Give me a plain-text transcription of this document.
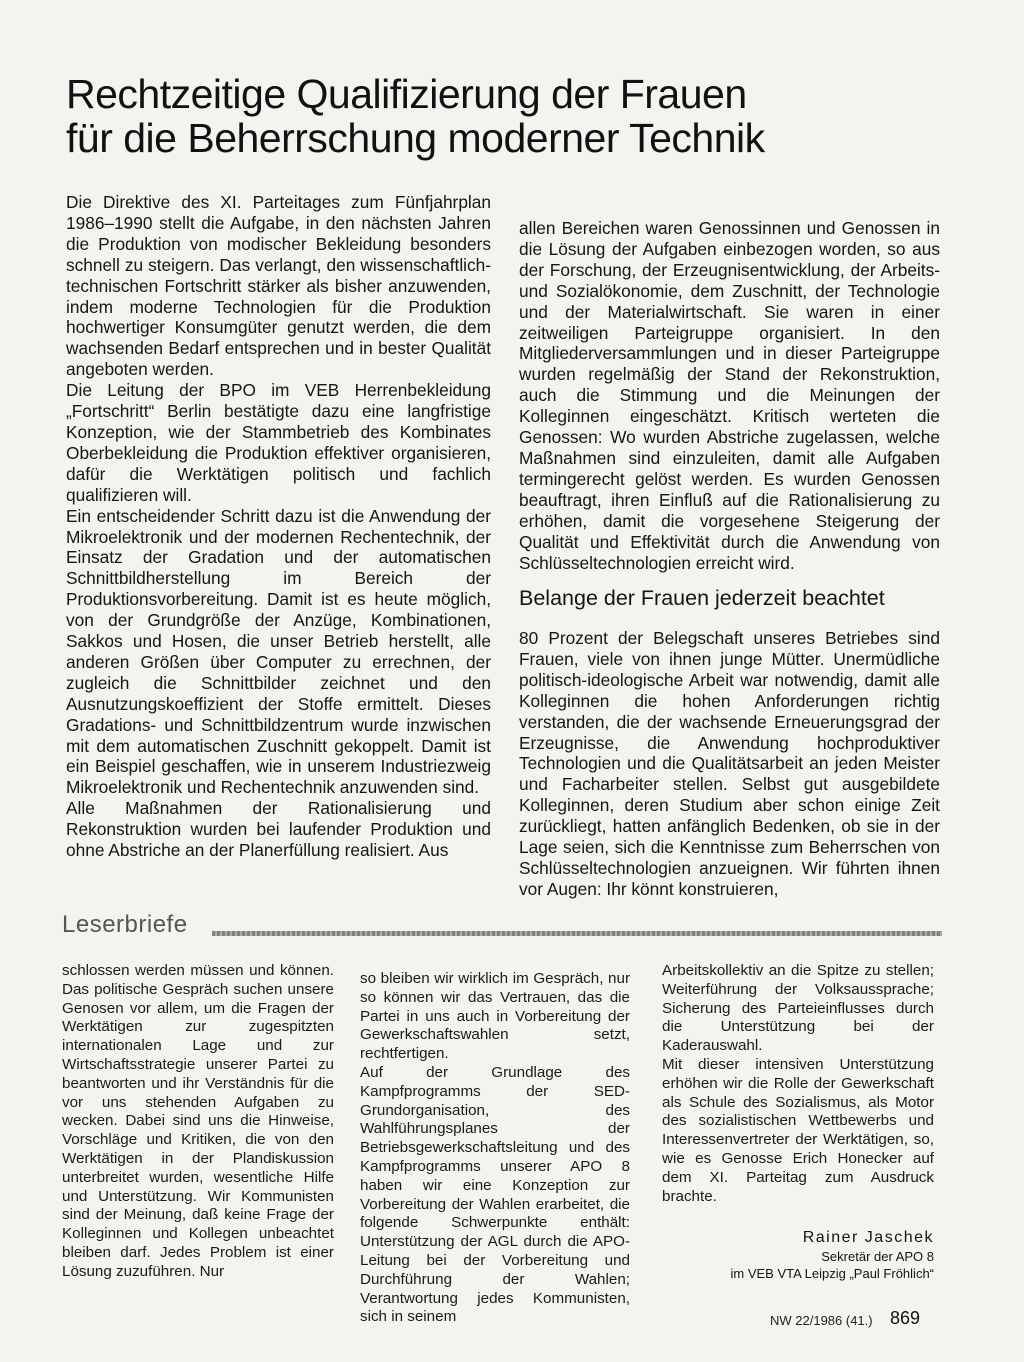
Rechtzeitige Qualifizierung der Frauen
für die Beherrschung moderner Technik

Die Direktive des XI. Parteitages zum Fünfjahrplan 1986–1990 stellt die Aufgabe, in den nächsten Jahren die Produktion von modischer Bekleidung besonders schnell zu steigern. Das verlangt, den wissenschaftlich-technischen Fortschritt stärker als bisher anzuwenden, indem moderne Technologien für die Produktion hochwertiger Konsumgüter genutzt werden, die dem wachsenden Bedarf entsprechen und in bester Qualität angeboten werden.

Die Leitung der BPO im VEB Herrenbekleidung „Fortschritt“ Berlin bestätigte dazu eine langfristige Konzeption, wie der Stammbetrieb des Kombinates Oberbekleidung die Produktion effektiver organisieren, dafür die Werktätigen politisch und fachlich qualifizieren will.

Ein entscheidender Schritt dazu ist die Anwendung der Mikroelektronik und der modernen Rechentechnik, der Einsatz der Gradation und der automatischen Schnittbildherstellung im Bereich der Produktionsvorbereitung. Damit ist es heute möglich, von der Grundgröße der Anzüge, Kombinationen, Sakkos und Hosen, die unser Betrieb herstellt, alle anderen Größen über Computer zu errechnen, der zugleich die Schnittbilder zeichnet und den Ausnutzungskoeffizient der Stoffe ermittelt. Dieses Gradations- und Schnittbildzentrum wurde inzwischen mit dem automatischen Zuschnitt gekoppelt. Damit ist ein Beispiel geschaffen, wie in unserem Industriezweig Mikroelektronik und Rechentechnik anzuwenden sind.

Alle Maßnahmen der Rationalisierung und Rekonstruktion wurden bei laufender Produktion und ohne Abstriche an der Planerfüllung realisiert. Aus

allen Bereichen waren Genossinnen und Genossen in die Lösung der Aufgaben einbezogen worden, so aus der Forschung, der Erzeugnisentwicklung, der Arbeits- und Sozialökonomie, dem Zuschnitt, der Technologie und der Materialwirtschaft. Sie waren in einer zeitweiligen Parteigruppe organisiert. In den Mitgliederversammlungen und in dieser Parteigruppe wurden regelmäßig der Stand der Rekonstruktion, auch die Stimmung und die Meinungen der Kolleginnen eingeschätzt. Kritisch werteten die Genossen: Wo wurden Abstriche zugelassen, welche Maßnahmen sind einzuleiten, damit alle Aufgaben termingerecht gelöst werden. Es wurden Genossen beauftragt, ihren Einfluß auf die Rationalisierung zu erhöhen, damit die vorgesehene Steigerung der Qualität und Effektivität durch die Anwendung von Schlüsseltechnologien erreicht wird.

Belange der Frauen jederzeit beachtet

80 Prozent der Belegschaft unseres Betriebes sind Frauen, viele von ihnen junge Mütter. Unermüdliche politisch-ideologische Arbeit war notwendig, damit alle Kolleginnen die hohen Anforderungen richtig verstanden, die der wachsende Erneuerungsgrad der Erzeugnisse, die Anwendung hochproduktiver Technologien und die Qualitätsarbeit an jeden Meister und Facharbeiter stellen. Selbst gut ausgebildete Kolleginnen, deren Studium aber schon einige Zeit zurückliegt, hatten anfänglich Bedenken, ob sie in der Lage seien, sich die Kenntnisse zum Beherrschen von Schlüsseltechnologien anzueignen. Wir führten ihnen vor Augen: Ihr könnt konstruieren,

Leserbriefe

schlossen werden müssen und können. Das politische Gespräch suchen unsere Genosen vor allem, um die Fragen der Werktätigen zur zugespitzten internationalen Lage und zur Wirtschaftsstrategie unserer Partei zu beantworten und ihr Verständnis für die vor uns stehenden Aufgaben zu wecken. Dabei sind uns die Hinweise, Vorschläge und Kritiken, die von den Werktätigen in der Plandiskussion unterbreitet wurden, wesentliche Hilfe und Unterstützung. Wir Kommunisten sind der Meinung, daß keine Frage der Kolleginnen und Kollegen unbeachtet bleiben darf. Jedes Problem ist einer Lösung zuzuführen. Nur

so bleiben wir wirklich im Gespräch, nur so können wir das Vertrauen, das die Partei in uns auch in Vorbereitung der Gewerkschaftswahlen setzt, rechtfertigen.

Auf der Grundlage des Kampfprogramms der SED-Grundorganisation, des Wahlführungsplanes der Betriebsgewerkschaftsleitung und des Kampfprogramms unserer APO 8 haben wir eine Konzeption zur Vorbereitung der Wahlen erarbeitet, die folgende Schwerpunkte enthält: Unterstützung der AGL durch die APO-Leitung bei der Vorbereitung und Durchführung der Wahlen; Verantwortung jedes Kommunisten, sich in seinem

Arbeitskollektiv an die Spitze zu stellen; Weiterführung der Volksaussprache; Sicherung des Parteieinflusses durch die Unterstützung bei der Kaderauswahl.

Mit dieser intensiven Unterstützung erhöhen wir die Rolle der Gewerkschaft als Schule des Sozialismus, als Motor des sozialistischen Wettbewerbs und Interessenvertreter der Werktätigen, so, wie es Genosse Erich Honecker auf dem XI. Parteitag zum Ausdruck brachte.

Rainer Jaschek
Sekretär der APO 8
im VEB VTA Leipzig „Paul Fröhlich“
NW 22/1986 (41.) 869
